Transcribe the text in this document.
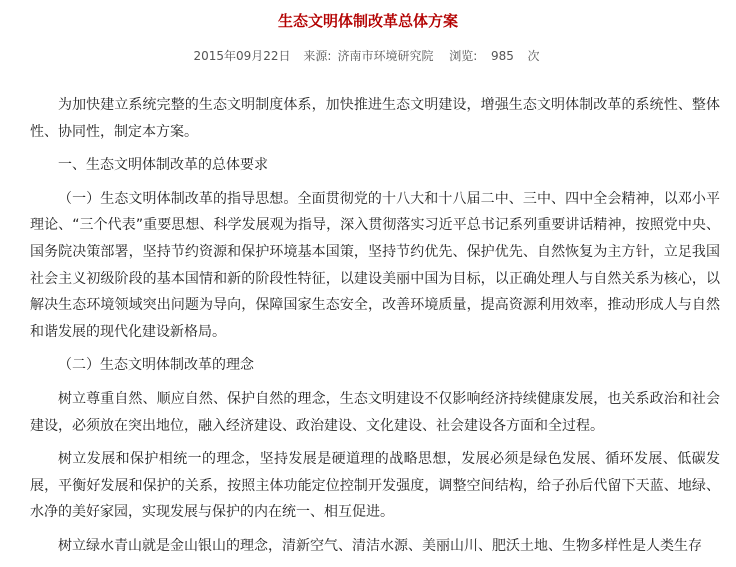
生态文明体制改革总体方案
2015年09月22日 来源: 济南市环境研究院 浏览: 985 次

为加快建立系统完整的生态文明制度体系，加快推进生态文明建设，增强生态文明体制改革的系统性、整体性、协同性，制定本方案。

一、生态文明体制改革的总体要求

（一）生态文明体制改革的指导思想。全面贯彻党的十八大和十八届二中、三中、四中全会精神，以邓小平理论、“三个代表”重要思想、科学发展观为指导，深入贯彻落实习近平总书记系列重要讲话精神，按照党中央、国务院决策部署，坚持节约资源和保护环境基本国策，坚持节约优先、保护优先、自然恢复为主方针，立足我国社会主义初级阶段的基本国情和新的阶段性特征，以建设美丽中国为目标，以正确处理人与自然关系为核心，以解决生态环境领域突出问题为导向，保障国家生态安全，改善环境质量，提高资源利用效率，推动形成人与自然和谐发展的现代化建设新格局。

（二）生态文明体制改革的理念

树立尊重自然、顺应自然、保护自然的理念，生态文明建设不仅影响经济持续健康发展，也关系政治和社会建设，必须放在突出地位，融入经济建设、政治建设、文化建设、社会建设各方面和全过程。

树立发展和保护相统一的理念，坚持发展是硬道理的战略思想，发展必须是绿色发展、循环发展、低碳发展，平衡好发展和保护的关系，按照主体功能定位控制开发强度，调整空间结构，给子孙后代留下天蓝、地绿、水净的美好家园，实现发展与保护的内在统一、相互促进。

树立绿水青山就是金山银山的理念，清新空气、清洁水源、美丽山川、肥沃土地、生物多样性是人类生存
